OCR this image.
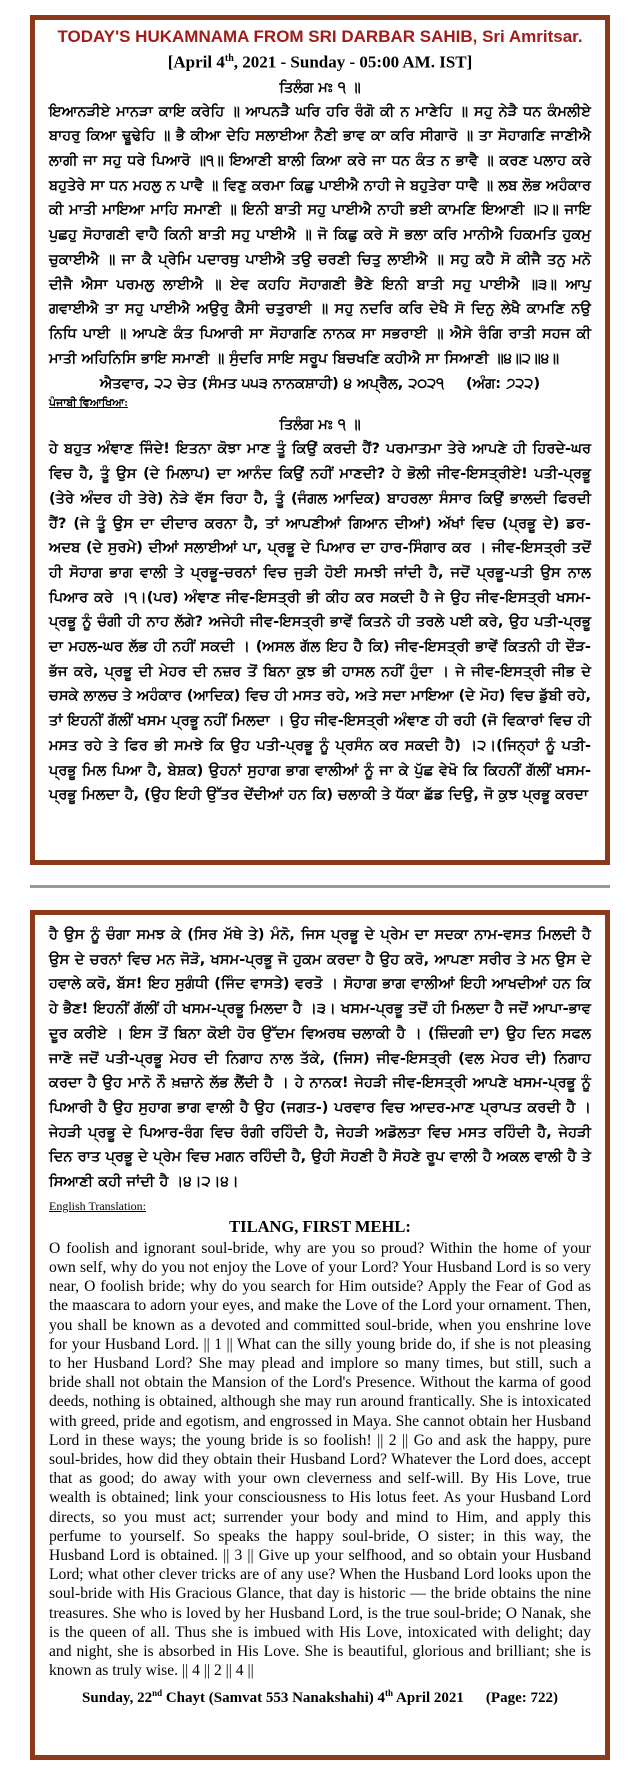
TODAY'S HUKAMNAMA FROM SRI DARBAR SAHIB, Sri Amritsar.
[April 4th, 2021 - Sunday - 05:00 AM. IST]
ਤਿਲੰਗ ਮਃ ੧ ॥
ਇਆਨੜੀਏ ਮਾਨੜਾ ਕਾਇ ਕਰੇਹਿ ॥ ਆਪਨੜੈ ਘਰਿ ਹਰਿ ਰੰਗੋ ਕੀ ਨ ਮਾਣੇਹਿ ॥ ਸਹੁ ਨੇੜੈ ਧਨ ਕੰਮਲੀਏ ਬਾਹਰੁ ਕਿਆ ਢੂਢੇਹਿ ॥ ਭੈ ਕੀਆ ਦੇਹਿ ਸਲਾਈਆ ਨੈਣੀ ਭਾਵ ਕਾ ਕਰਿ ਸੀਗਾਰੋ ॥ ਤਾ ਸੋਹਾਗਣਿ ਜਾਣੀਐ ਲਾਗੀ ਜਾ ਸਹੁ ਧਰੇ ਪਿਆਰੋ ॥੧॥ ਇਆਣੀ ਬਾਲੀ ਕਿਆ ਕਰੇ ਜਾ ਧਨ ਕੰਤ ਨ ਭਾਵੈ ॥ ਕਰਣ ਪਲਾਹ ਕਰੇ ਬਹੁਤੇਰੇ ਸਾ ਧਨ ਮਹਲੁ ਨ ਪਾਵੈ ॥ ਵਿਣੁ ਕਰਮਾ ਕਿਛੁ ਪਾਈਐ ਨਾਹੀ ਜੇ ਬਹੁਤੇਰਾ ਧਾਵੈ ॥ ਲਬ ਲੋਭ ਅਹੰਕਾਰ ਕੀ ਮਾਤੀ ਮਾਇਆ ਮਾਹਿ ਸਮਾਣੀ ॥ ਇਨੀ ਬਾਤੀ ਸਹੁ ਪਾਈਐ ਨਾਹੀ ਭਈ ਕਾਮਣਿ ਇਆਣੀ ॥੨॥ ਜਾਇ ਪੁਛਹੁ ਸੋਹਾਗਣੀ ਵਾਹੈ ਕਿਨੀ ਬਾਤੀ ਸਹੁ ਪਾਈਐ ॥ ਜੋ ਕਿਛੁ ਕਰੇ ਸੋ ਭਲਾ ਕਰਿ ਮਾਨੀਐ ਹਿਕਮਤਿ ਹੁਕਮੁ ਚੁਕਾਈਐ ॥ ਜਾ ਕੈ ਪ੍ਰੇਮਿ ਪਦਾਰਥੁ ਪਾਈਐ ਤਉ ਚਰਣੀ ਚਿਤੁ ਲਾਈਐ ॥ ਸਹੁ ਕਹੈ ਸੋ ਕੀਜੈ ਤਨੁ ਮਨੋ ਦੀਜੈ ਐਸਾ ਪਰਮਲੁ ਲਾਈਐ ॥ ਏਵ ਕਹਹਿ ਸੋਹਾਗਣੀ ਭੈਣੇ ਇਨੀ ਬਾਤੀ ਸਹੁ ਪਾਈਐ ॥੩॥ ਆਪੁ ਗਵਾਈਐ ਤਾ ਸਹੁ ਪਾਈਐ ਅਉਰੁ ਕੈਸੀ ਚਤੁਰਾਈ ॥ ਸਹੁ ਨਦਰਿ ਕਰਿ ਦੇਖੈ ਸੋ ਦਿਨੁ ਲੇਖੈ ਕਾਮਣਿ ਨਉ ਨਿਧਿ ਪਾਈ ॥ ਆਪਣੇ ਕੰਤ ਪਿਆਰੀ ਸਾ ਸੋਹਾਗਣਿ ਨਾਨਕ ਸਾ ਸਭਰਾਈ ॥ ਐਸੇ ਰੰਗਿ ਰਾਤੀ ਸਹਜ ਕੀ ਮਾਤੀ ਅਹਿਨਿਸਿ ਭਾਇ ਸਮਾਣੀ ॥ ਸੁੰਦਰਿ ਸਾਇ ਸਰੂਪ ਬਿਚਖਣਿ ਕਹੀਐ ਸਾ ਸਿਆਣੀ ॥੪॥੨॥੪॥
ਐਤਵਾਰ, ੨੨ ਚੇਤ (ਸੰਮਤ ੫੫੩ ਨਾਨਕਸ਼ਾਹੀ) ੪ ਅਪ੍ਰੈਲ, ੨੦੨੧ (ਅੰਗ: ੭੨੨)
ਪੰਜਾਬੀ ਵਿਆਖਿਆ:
ਤਿਲੰਗ ਮਃ ੧ ॥
ਹੇ ਬਹੁਤ ਅੰਞਾਣ ਜਿੰਦੇ! ਇਤਨਾ ਕੋਝਾ ਮਾਣ ਤੂੰ ਕਿਉਂ ਕਰਦੀ ਹੈਂ? ਪਰਮਾਤਮਾ ਤੇਰੇ ਆਪਣੇ ਹੀ ਹਿਰਦੇ-ਘਰ ਵਿਚ ਹੈ, ਤੂੰ ਉਸ (ਦੇ ਮਿਲਾਪ) ਦਾ ਆਨੰਦ ਕਿਉਂ ਨਹੀਂ ਮਾਣਦੀ? ਹੇ ਭੋਲੀ ਜੀਵ-ਇਸਤ੍ਰੀਏ! ਪਤੀ-ਪ੍ਰਭੂ (ਤੇਰੇ ਅੰਦਰ ਹੀ ਤੇਰੇ) ਨੇੜੇ ਵੱਸ ਰਿਹਾ ਹੈ, ਤੂੰ (ਜੰਗਲ ਆਦਿਕ) ਬਾਹਰਲਾ ਸੰਸਾਰ ਕਿਉਂ ਭਾਲਦੀ ਫਿਰਦੀ ਹੈਂ? (ਜੇ ਤੂੰ ਉਸ ਦਾ ਦੀਦਾਰ ਕਰਨਾ ਹੈ, ਤਾਂ ਆਪਣੀਆਂ ਗਿਆਨ ਦੀਆਂ) ਅੱਖਾਂ ਵਿਚ (ਪ੍ਰਭੂ ਦੇ) ਡਰ-ਅਦਬ (ਦੇ ਸੁਰਮੇ) ਦੀਆਂ ਸਲਾਈਆਂ ਪਾ, ਪ੍ਰਭੂ ਦੇ ਪਿਆਰ ਦਾ ਹਾਰ-ਸਿੰਗਾਰ ਕਰ । ਜੀਵ-ਇਸਤ੍ਰੀ ਤਦੋਂ ਹੀ ਸੋਹਾਗ ਭਾਗ ਵਾਲੀ ਤੇ ਪ੍ਰਭੂ-ਚਰਨਾਂ ਵਿਚ ਜੁੜੀ ਹੋਈ ਸਮਝੀ ਜਾਂਦੀ ਹੈ, ਜਦੋਂ ਪ੍ਰਭੂ-ਪਤੀ ਉਸ ਨਾਲ ਪਿਆਰ ਕਰੇ ।੧।(ਪਰ) ਅੰਞਾਣ ਜੀਵ-ਇਸਤ੍ਰੀ ਭੀ ਕੀਹ ਕਰ ਸਕਦੀ ਹੈ ਜੇ ਉਹ ਜੀਵ-ਇਸਤ੍ਰੀ ਖਸਮ-ਪ੍ਰਭੂ ਨੂੰ ਚੰਗੀ ਹੀ ਨਾਹ ਲੱਗੇ? ਅਜੇਹੀ ਜੀਵ-ਇਸਤ੍ਰੀ ਭਾਵੇਂ ਕਿਤਨੇ ਹੀ ਤਰਲੇ ਪਈ ਕਰੇ, ਉਹ ਪਤੀ-ਪ੍ਰਭੂ ਦਾ ਮਹਲ-ਘਰ ਲੱਭ ਹੀ ਨਹੀਂ ਸਕਦੀ । (ਅਸਲ ਗੱਲ ਇਹ ਹੈ ਕਿ) ਜੀਵ-ਇਸਤ੍ਰੀ ਭਾਵੇਂ ਕਿਤਨੀ ਹੀ ਦੌੜ-ਭੱਜ ਕਰੇ, ਪ੍ਰਭੂ ਦੀ ਮੇਹਰ ਦੀ ਨਜ਼ਰ ਤੋਂ ਬਿਨਾ ਕੁਝ ਭੀ ਹਾਸਲ ਨਹੀਂ ਹੁੰਦਾ । ਜੇ ਜੀਵ-ਇਸਤ੍ਰੀ ਜੀਭ ਦੇ ਚਸਕੇ ਲਾਲਚ ਤੇ ਅਹੰਕਾਰ (ਆਦਿਕ) ਵਿਚ ਹੀ ਮਸਤ ਰਹੇ, ਅਤੇ ਸਦਾ ਮਾਇਆ (ਦੇ ਮੋਹ) ਵਿਚ ਡੁੱਬੀ ਰਹੇ, ਤਾਂ ਇਹਨੀਂ ਗੱਲੀਂ ਖਸਮ ਪ੍ਰਭੂ ਨਹੀਂ ਮਿਲਦਾ । ਉਹ ਜੀਵ-ਇਸਤ੍ਰੀ ਅੰਞਾਣ ਹੀ ਰਹੀ (ਜੋ ਵਿਕਾਰਾਂ ਵਿਚ ਹੀ ਮਸਤ ਰਹੇ ਤੇ ਫਿਰ ਭੀ ਸਮਝੇ ਕਿ ਉਹ ਪਤੀ-ਪ੍ਰਭੂ ਨੂੰ ਪ੍ਰਸੰਨ ਕਰ ਸਕਦੀ ਹੈ) ।੨।(ਜਿਨ੍ਹਾਂ ਨੂੰ ਪਤੀ-ਪ੍ਰਭੂ ਮਿਲ ਪਿਆ ਹੈ, ਬੇਸ਼ਕ) ਉਹਨਾਂ ਸੁਹਾਗ ਭਾਗ ਵਾਲੀਆਂ ਨੂੰ ਜਾ ਕੇ ਪੁੱਛ ਵੇਖੋ ਕਿ ਕਿਹਨੀਂ ਗੱਲੀਂ ਖਸਮ-ਪ੍ਰਭੂ ਮਿਲਦਾ ਹੈ, (ਉਹ ਇਹੀ ਉੱਤਰ ਦੇਂਦੀਆਂ ਹਨ ਕਿ) ਚਲਾਕੀ ਤੇ ਧੱਕਾ ਛੱਡ ਦਿਉ, ਜੋ ਕੁਝ ਪ੍ਰਭੂ ਕਰਦਾ
ਹੈ ਉਸ ਨੂੰ ਚੰਗਾ ਸਮਝ ਕੇ (ਸਿਰ ਮੱਥੇ ਤੇ) ਮੰਨੋ, ਜਿਸ ਪ੍ਰਭੂ ਦੇ ਪ੍ਰੇਮ ਦਾ ਸਦਕਾ ਨਾਮ-ਵਸਤ ਮਿਲਦੀ ਹੈ ਉਸ ਦੇ ਚਰਨਾਂ ਵਿਚ ਮਨ ਜੋੜੋ, ਖਸਮ-ਪ੍ਰਭੂ ਜੋ ਹੁਕਮ ਕਰਦਾ ਹੈ ਉਹ ਕਰੋ, ਆਪਣਾ ਸਰੀਰ ਤੇ ਮਨ ਉਸ ਦੇ ਹਵਾਲੇ ਕਰੋ, ਬੱਸ! ਇਹ ਸੁਗੰਧੀ (ਜਿੰਦ ਵਾਸਤੇ) ਵਰਤੋ । ਸੋਹਾਗ ਭਾਗ ਵਾਲੀਆਂ ਇਹੀ ਆਖਦੀਆਂ ਹਨ ਕਿ ਹੇ ਭੈਣ! ਇਹਨੀਂ ਗੱਲੀਂ ਹੀ ਖਸਮ-ਪ੍ਰਭੂ ਮਿਲਦਾ ਹੈ ।੩। ਖਸਮ-ਪ੍ਰਭੂ ਤਦੋਂ ਹੀ ਮਿਲਦਾ ਹੈ ਜਦੋਂ ਆਪਾ-ਭਾਵ ਦੂਰ ਕਰੀਏ । ਇਸ ਤੋਂ ਬਿਨਾ ਕੋਈ ਹੋਰ ਉੱਦਮ ਵਿਅਰਥ ਚਲਾਕੀ ਹੈ । (ਜ਼ਿੰਦਗੀ ਦਾ) ਉਹ ਦਿਨ ਸਫਲ ਜਾਣੋ ਜਦੋਂ ਪਤੀ-ਪ੍ਰਭੂ ਮੇਹਰ ਦੀ ਨਿਗਾਹ ਨਾਲ ਤੱਕੇ, (ਜਿਸ) ਜੀਵ-ਇਸਤ੍ਰੀ (ਵਲ ਮੇਹਰ ਦੀ) ਨਿਗਾਹ ਕਰਦਾ ਹੈ ਉਹ ਮਾਨੋ ਨੌ ਖ਼ਜ਼ਾਨੇ ਲੱਭ ਲੈਂਦੀ ਹੈ । ਹੇ ਨਾਨਕ! ਜੇਹੜੀ ਜੀਵ-ਇਸਤ੍ਰੀ ਆਪਣੇ ਖਸਮ-ਪ੍ਰਭੂ ਨੂੰ ਪਿਆਰੀ ਹੈ ਉਹ ਸੁਹਾਗ ਭਾਗ ਵਾਲੀ ਹੈ ਉਹ (ਜਗਤ-) ਪਰਵਾਰ ਵਿਚ ਆਦਰ-ਮਾਣ ਪ੍ਰਾਪਤ ਕਰਦੀ ਹੈ । ਜੇਹੜੀ ਪ੍ਰਭੂ ਦੇ ਪਿਆਰ-ਰੰਗ ਵਿਚ ਰੰਗੀ ਰਹਿੰਦੀ ਹੈ, ਜੇਹੜੀ ਅਡੋਲਤਾ ਵਿਚ ਮਸਤ ਰਹਿੰਦੀ ਹੈ, ਜੇਹੜੀ ਦਿਨ ਰਾਤ ਪ੍ਰਭੂ ਦੇ ਪ੍ਰੇਮ ਵਿਚ ਮਗਨ ਰਹਿੰਦੀ ਹੈ, ਉਹੀ ਸੋਹਣੀ ਹੈ ਸੋਹਣੇ ਰੂਪ ਵਾਲੀ ਹੈ ਅਕਲ ਵਾਲੀ ਹੈ ਤੇ ਸਿਆਣੀ ਕਹੀ ਜਾਂਦੀ ਹੈ ।੪।੨।੪।
English Translation:
TILANG, FIRST MEHL:
O foolish and ignorant soul-bride, why are you so proud? Within the home of your own self, why do you not enjoy the Love of your Lord? Your Husband Lord is so very near, O foolish bride; why do you search for Him outside? Apply the Fear of God as the maascara to adorn your eyes, and make the Love of the Lord your ornament. Then, you shall be known as a devoted and committed soul-bride, when you enshrine love for your Husband Lord. || 1 || What can the silly young bride do, if she is not pleasing to her Husband Lord? She may plead and implore so many times, but still, such a bride shall not obtain the Mansion of the Lord's Presence. Without the karma of good deeds, nothing is obtained, although she may run around frantically. She is intoxicated with greed, pride and egotism, and engrossed in Maya. She cannot obtain her Husband Lord in these ways; the young bride is so foolish! || 2 || Go and ask the happy, pure soul-brides, how did they obtain their Husband Lord? Whatever the Lord does, accept that as good; do away with your own cleverness and self-will. By His Love, true wealth is obtained; link your consciousness to His lotus feet. As your Husband Lord directs, so you must act; surrender your body and mind to Him, and apply this perfume to yourself. So speaks the happy soul-bride, O sister; in this way, the Husband Lord is obtained. || 3 || Give up your selfhood, and so obtain your Husband Lord; what other clever tricks are of any use? When the Husband Lord looks upon the soul-bride with His Gracious Glance, that day is historic — the bride obtains the nine treasures. She who is loved by her Husband Lord, is the true soul-bride; O Nanak, she is the queen of all. Thus she is imbued with His Love, intoxicated with delight; day and night, she is absorbed in His Love. She is beautiful, glorious and brilliant; she is known as truly wise. || 4 || 2 || 4 ||
Sunday, 22nd Chayt (Samvat 553 Nanakshahi) 4th April 2021 (Page: 722)
